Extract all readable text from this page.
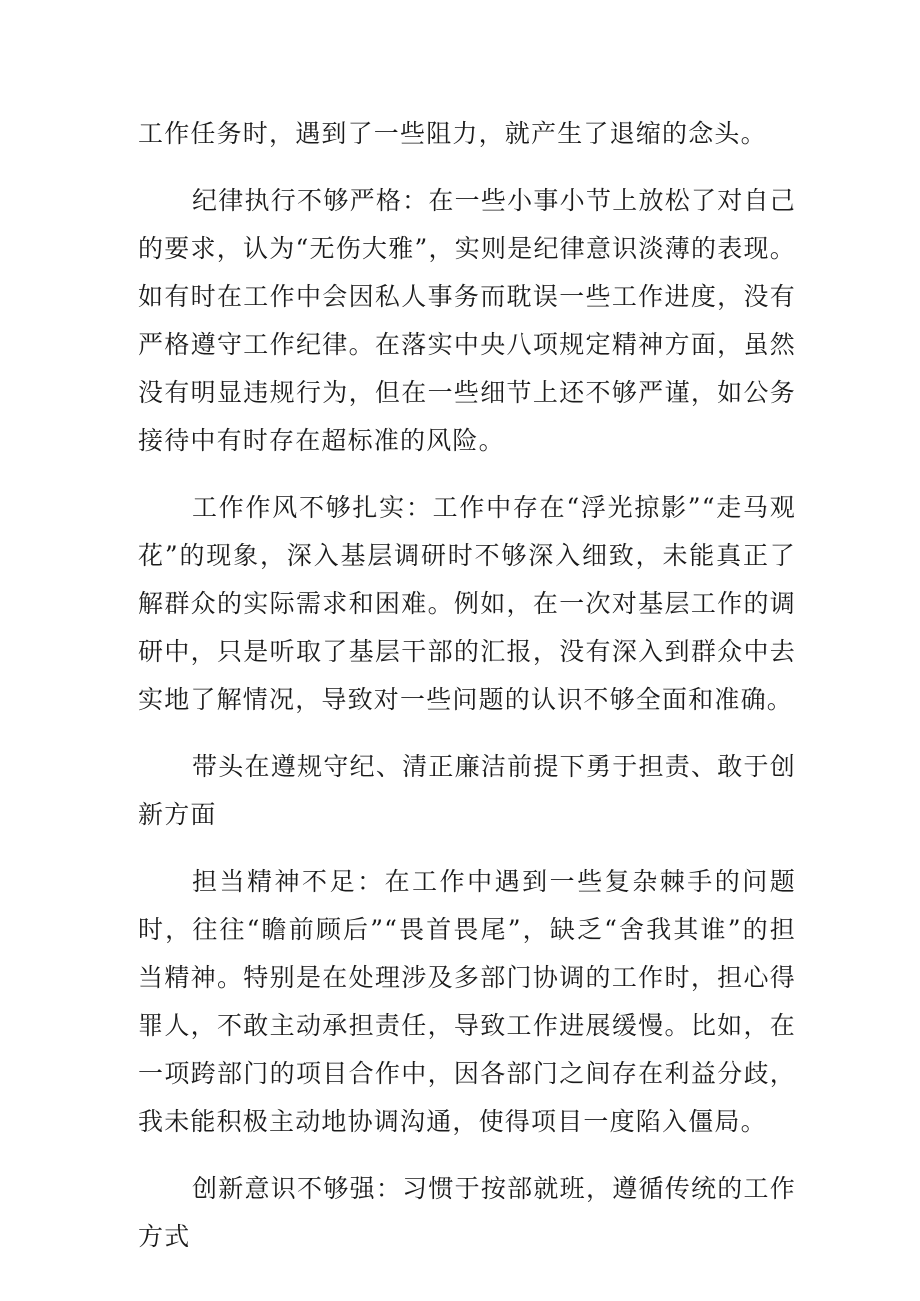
工作任务时，遇到了一些阻力，就产生了退缩的念头。

纪律执行不够严格：在一些小事小节上放松了对自己的要求，认为“无伤大雅”，实则是纪律意识淡薄的表现。如有时在工作中会因私人事务而耽误一些工作进度，没有严格遵守工作纪律。在落实中央八项规定精神方面，虽然没有明显违规行为，但在一些细节上还不够严谨，如公务接待中有时存在超标准的风险。

工作作风不够扎实：工作中存在“浮光掠影”“走马观花”的现象，深入基层调研时不够深入细致，未能真正了解群众的实际需求和困难。例如，在一次对基层工作的调研中，只是听取了基层干部的汇报，没有深入到群众中去实地了解情况，导致对一些问题的认识不够全面和准确。

带头在遵规守纪、清正廉洁前提下勇于担责、敢于创新方面

担当精神不足：在工作中遇到一些复杂棘手的问题时，往往“瞻前顾后”“畏首畏尾”，缺乏“舍我其谁”的担当精神。特别是在处理涉及多部门协调的工作时，担心得罪人，不敢主动承担责任，导致工作进展缓慢。比如，在一项跨部门的项目合作中，因各部门之间存在利益分歧，我未能积极主动地协调沟通，使得项目一度陷入僵局。

创新意识不够强：习惯于按部就班，遵循传统的工作方式
